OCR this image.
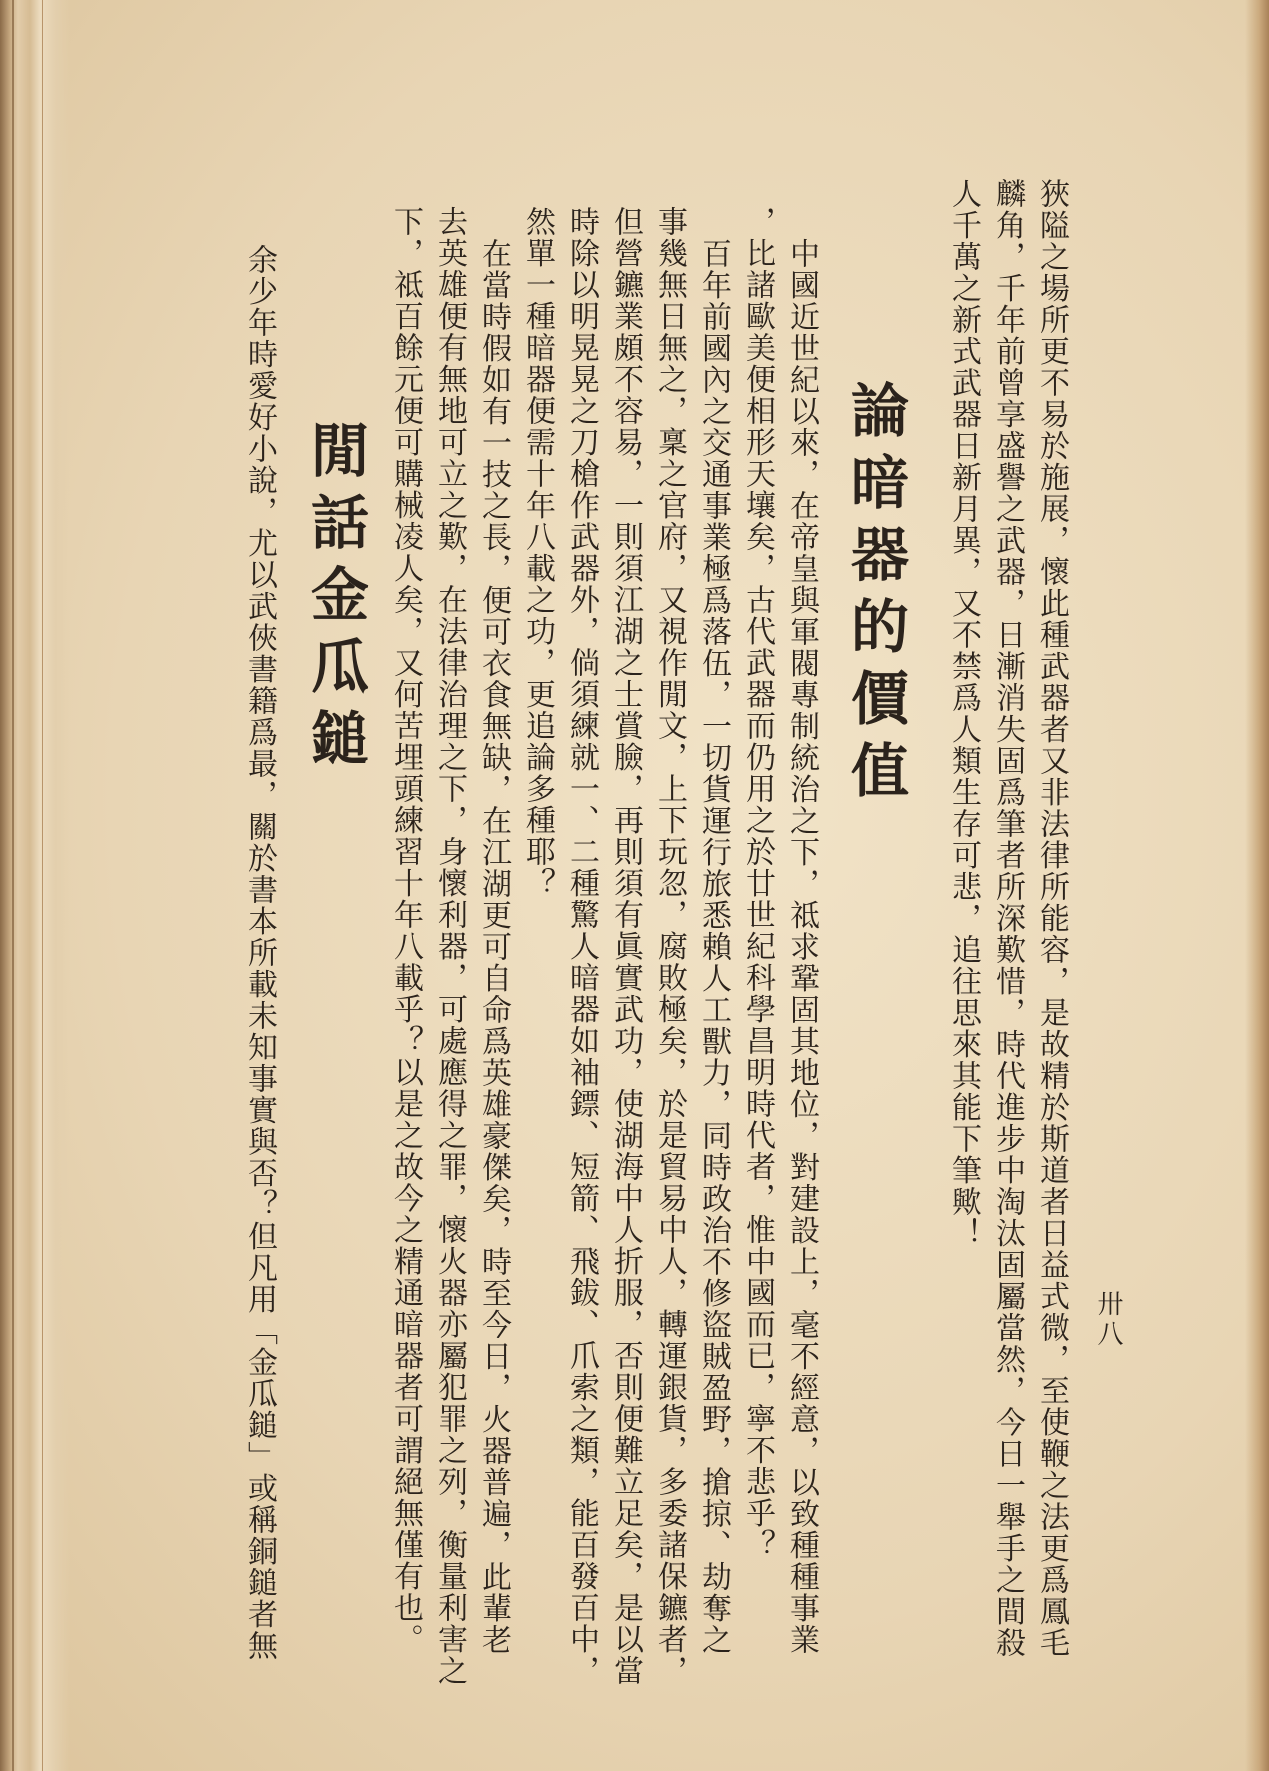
狹隘之場所更不易於施展，懷此種武器者又非法律所能容，是故精於斯道者日益式微，至使鞭之法更爲鳳毛
麟角，千年前曾享盛譽之武器，日漸消失固爲筆者所深歎惜，時代進步中淘汰固屬當然，今日一舉手之間殺
人千萬之新式武器日新月異，又不禁爲人類生存可悲，追往思來其能下筆歟！
卅八
論暗器的價值
中國近世紀以來，在帝皇與軍閥專制統治之下，祗求鞏固其地位，對建設上，毫不經意，以致種種事業
，比諸歐美便相形天壤矣，古代武器而仍用之於廿世紀科學昌明時代者，惟中國而已，寧不悲乎？
百年前國內之交通事業極爲落伍，一切貨運行旅悉賴人工獸力，同時政治不修盜賊盈野，搶掠、劫奪之
事幾無日無之，稟之官府，又視作閒文，上下玩忽，腐敗極矣，於是貿易中人，轉運銀貨，多委諸保鑣者，
但營鑣業頗不容易，一則須江湖之士賞臉，再則須有眞實武功，使湖海中人折服，否則便難立足矣，是以當
時除以明晃晃之刀槍作武器外，倘須練就一、二種驚人暗器如袖鏢、短箭、飛鈸、爪索之類，能百發百中，
然單一種暗器便需十年八載之功，更追論多種耶？
在當時假如有一技之長，便可衣食無缺，在江湖更可自命爲英雄豪傑矣，時至今日，火器普遍，此輩老
去英雄便有無地可立之歎，在法律治理之下，身懷利器，可處應得之罪，懷火器亦屬犯罪之列，衡量利害之
下，祗百餘元便可購械凌人矣，又何苦埋頭練習十年八載乎？以是之故今之精通暗器者可謂絕無僅有也。
閒話金瓜鎚
余少年時愛好小說，尤以武俠書籍爲最，關於書本所載未知事實與否？但凡用「金瓜鎚」或稱銅鎚者無
